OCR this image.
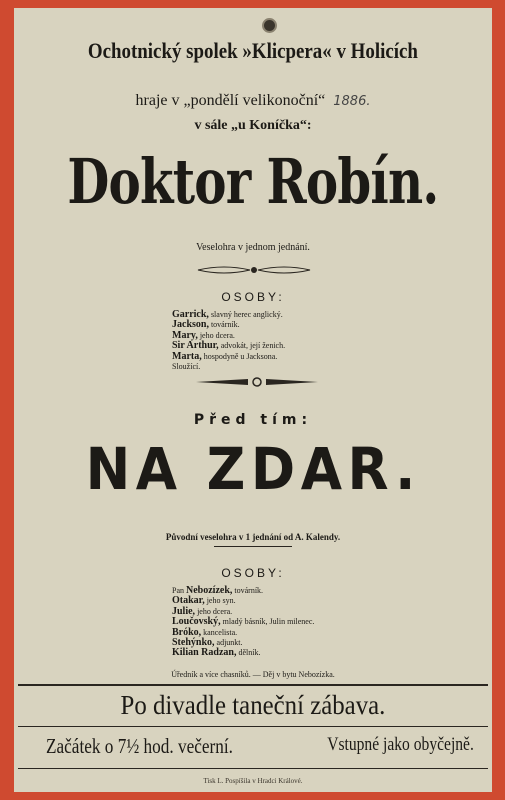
Ochotnický spolek »Klicpera« v Holicích
hraje v „pondělí velikonoční“ 1886.
v sále „u Koníčka“:
Doktor Robín.
Veselohra v jednom jednání.
OSOBY:
Garrick, slavný herec anglický.
Jackson, továrník.
Mary, jeho dcera.
Sir Arthur, advokát, její ženich.
Marta, hospodyně u Jacksona.
Sloužící.
Před tím:
NA ZDAR.
Původní veselohra v 1 jednání od A. Kalendy.
OSOBY:
Pan Nebozízek, továrník.
Otakar, jeho syn.
Julie, jeho dcera.
Loučovský, mladý básník, Julin milenec.
Bróko, kancelista.
Stehýnko, adjunkt.
Kilian Radzan, dělník.
Úředník a více chasníků. — Děj v bytu Nebozízka.
Po divadle taneční zábava.
Začátek o 7½ hod. večerní.	Vstupné jako obyčejně.
Tisk L. Pospíšila v Hradci Králové.
